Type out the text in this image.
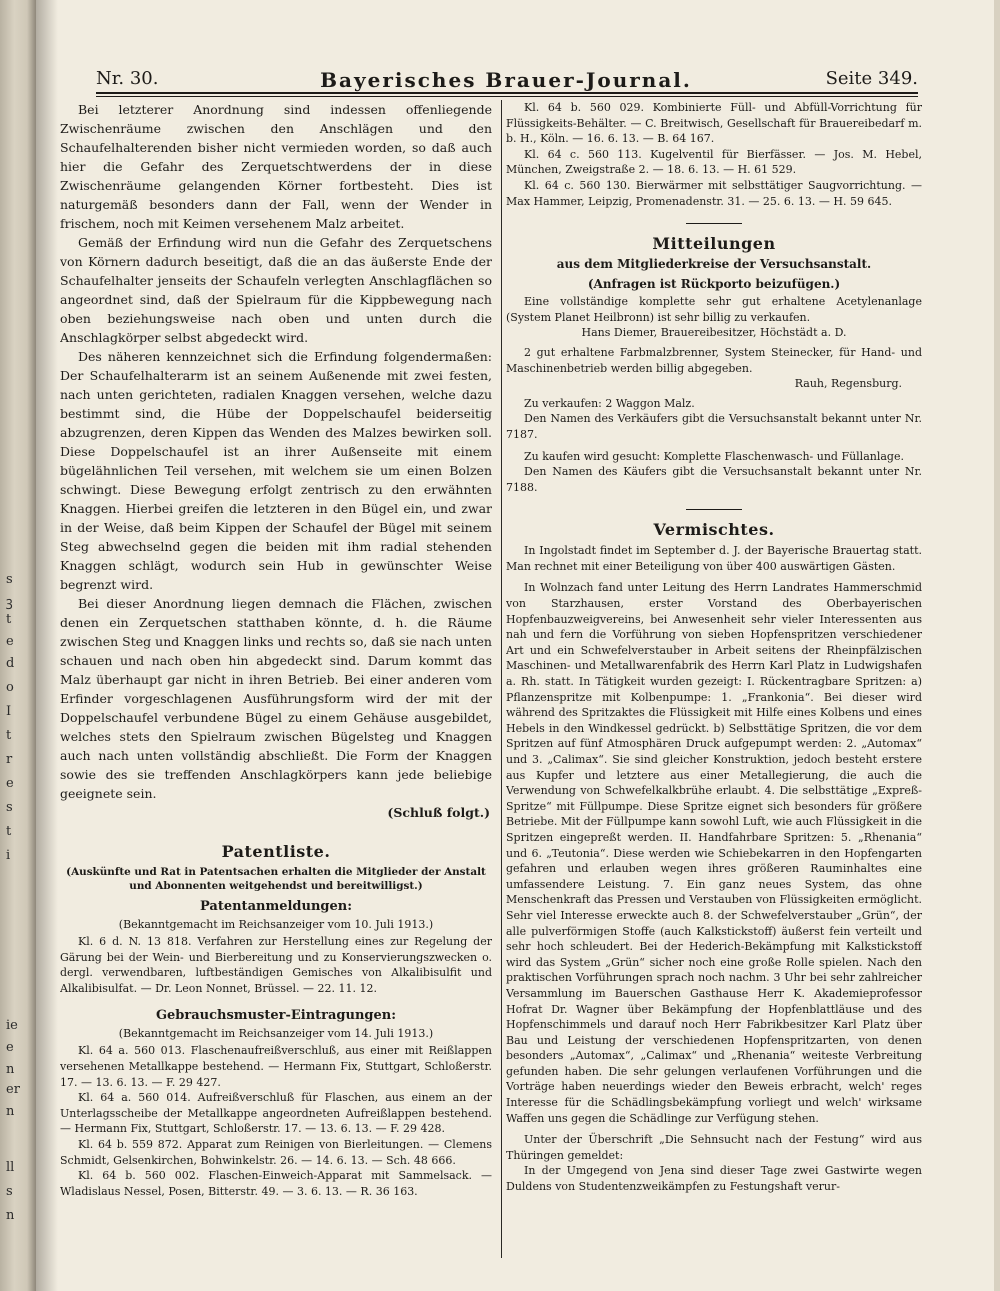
s
ꝫ
t
e
d
o
I
t
r
e
s
t
i
ie
e
n
er
n
ll
s
n
Nr. 30.	Bayerisches Brauer-Journal.	Seite 349.

Bei letzterer Anordnung sind indessen offenliegende Zwischenräume zwischen den Anschlägen und den Schaufelhalterenden bisher nicht vermieden worden, so daß auch hier die Gefahr des Zerquetschtwerdens der in diese Zwischenräume gelangenden Körner fortbesteht. Dies ist naturgemäß besonders dann der Fall, wenn der Wender in frischem, noch mit Keimen versehenem Malz arbeitet.

Gemäß der Erfindung wird nun die Gefahr des Zerquetschens von Körnern dadurch beseitigt, daß die an das äußerste Ende der Schaufelhalter jenseits der Schaufeln verlegten Anschlagflächen so angeordnet sind, daß der Spielraum für die Kippbewegung nach oben beziehungsweise nach oben und unten durch die Anschlagkörper selbst abgedeckt wird.

Des näheren kennzeichnet sich die Erfindung folgendermaßen: Der Schaufelhalterarm ist an seinem Außenende mit zwei festen, nach unten gerichteten, radialen Knaggen versehen, welche dazu bestimmt sind, die Hübe der Doppelschaufel beiderseitig abzugrenzen, deren Kippen das Wenden des Malzes bewirken soll. Diese Doppelschaufel ist an ihrer Außenseite mit einem bügelähnlichen Teil versehen, mit welchem sie um einen Bolzen schwingt. Diese Bewegung erfolgt zentrisch zu den erwähnten Knaggen. Hierbei greifen die letzteren in den Bügel ein, und zwar in der Weise, daß beim Kippen der Schaufel der Bügel mit seinem Steg abwechselnd gegen die beiden mit ihm radial stehenden Knaggen schlägt, wodurch sein Hub in gewünschter Weise begrenzt wird.

Bei dieser Anordnung liegen demnach die Flächen, zwischen denen ein Zerquetschen statthaben könnte, d. h. die Räume zwischen Steg und Knaggen links und rechts so, daß sie nach unten schauen und nach oben hin abgedeckt sind. Darum kommt das Malz überhaupt gar nicht in ihren Betrieb. Bei einer anderen vom Erfinder vorgeschlagenen Ausführungsform wird der mit der Doppelschaufel verbundene Bügel zu einem Gehäuse ausgebildet, welches stets den Spielraum zwischen Bügelsteg und Knaggen auch nach unten vollständig abschließt. Die Form der Knaggen sowie des sie treffenden Anschlagkörpers kann jede beliebige geeignete sein.

(Schluß folgt.)

Patentliste.
(Auskünfte und Rat in Patentsachen erhalten die Mitglieder der Anstalt und Abonnenten weitgehendst und bereitwilligst.)
Patentanmeldungen:
(Bekanntgemacht im Reichsanzeiger vom 10. Juli 1913.)

Kl. 6 d. N. 13 818. Verfahren zur Herstellung eines zur Regelung der Gärung bei der Wein- und Bierbereitung und zu Konservierungszwecken o. dergl. verwendbaren, luftbeständigen Gemisches von Alkalibisulfit und Alkalibisulfat. — Dr. Leon Nonnet, Brüssel. — 22. 11. 12.

Gebrauchsmuster-Eintragungen:
(Bekanntgemacht im Reichsanzeiger vom 14. Juli 1913.)

Kl. 64 a. 560 013. Flaschenaufreißverschluß, aus einer mit Reißlappen versehenen Metallkappe bestehend. — Hermann Fix, Stuttgart, Schloßerstr. 17. — 13. 6. 13. — F. 29 427.

Kl. 64 a. 560 014. Aufreißverschluß für Flaschen, aus einem an der Unterlagsscheibe der Metallkappe angeordneten Aufreißlappen bestehend. — Hermann Fix, Stuttgart, Schloßerstr. 17. — 13. 6. 13. — F. 29 428.

Kl. 64 b. 559 872. Apparat zum Reinigen von Bierleitungen. — Clemens Schmidt, Gelsenkirchen, Bohwinkelstr. 26. — 14. 6. 13. — Sch. 48 666.

Kl. 64 b. 560 002. Flaschen-Einweich-Apparat mit Sammelsack. — Wladislaus Nessel, Posen, Bitterstr. 49. — 3. 6. 13. — R. 36 163.

Kl. 64 b. 560 029. Kombinierte Füll- und Abfüll-Vorrichtung für Flüssigkeits-Behälter. — C. Breitwisch, Gesellschaft für Brauereibedarf m. b. H., Köln. — 16. 6. 13. — B. 64 167.

Kl. 64 c. 560 113. Kugelventil für Bierfässer. — Jos. M. Hebel, München, Zweigstraße 2. — 18. 6. 13. — H. 61 529.

Kl. 64 c. 560 130. Bierwärmer mit selbsttätiger Saugvorrichtung. — Max Hammer, Leipzig, Promenadenstr. 31. — 25. 6. 13. — H. 59 645.

Mitteilungen
aus dem Mitgliederkreise der Versuchsanstalt.
(Anfragen ist Rückporto beizufügen.)

Eine vollständige komplette sehr gut erhaltene Acetylenanlage (System Planet Heilbronn) ist sehr billig zu verkaufen.

Hans Diemer, Brauereibesitzer, Höchstädt a. D.

2 gut erhaltene Farbmalzbrenner, System Steinecker, für Hand- und Maschinenbetrieb werden billig abgegeben.

Rauh, Regensburg.

Zu verkaufen: 2 Waggon Malz.

Den Namen des Verkäufers gibt die Versuchsanstalt bekannt unter Nr. 7187.

Zu kaufen wird gesucht: Komplette Flaschenwasch- und Füllanlage.

Den Namen des Käufers gibt die Versuchsanstalt bekannt unter Nr. 7188.

Vermischtes.

In Ingolstadt findet im September d. J. der Bayerische Brauertag statt. Man rechnet mit einer Beteiligung von über 400 auswärtigen Gästen.

In Wolnzach fand unter Leitung des Herrn Landrates Hammerschmid von Starzhausen, erster Vorstand des Oberbayerischen Hopfenbauzweigvereins, bei Anwesenheit sehr vieler Interessenten aus nah und fern die Vorführung von sieben Hopfenspritzen verschiedener Art und ein Schwefelverstauber in Arbeit seitens der Rheinpfälzischen Maschinen- und Metallwarenfabrik des Herrn Karl Platz in Ludwigshafen a. Rh. statt. In Tätigkeit wurden gezeigt: I. Rückentragbare Spritzen: a) Pflanzenspritze mit Kolbenpumpe: 1. „Frankonia“. Bei dieser wird während des Spritzaktes die Flüssigkeit mit Hilfe eines Kolbens und eines Hebels in den Windkessel gedrückt. b) Selbsttätige Spritzen, die vor dem Spritzen auf fünf Atmosphären Druck aufgepumpt werden: 2. „Automax“ und 3. „Calimax“. Sie sind gleicher Konstruktion, jedoch besteht erstere aus Kupfer und letztere aus einer Metallegierung, die auch die Verwendung von Schwefelkalkbrühe erlaubt. 4. Die selbsttätige „Expreß-Spritze“ mit Füllpumpe. Diese Spritze eignet sich besonders für größere Betriebe. Mit der Füllpumpe kann sowohl Luft, wie auch Flüssigkeit in die Spritzen eingepreßt werden. II. Handfahrbare Spritzen: 5. „Rhenania“ und 6. „Teutonia“. Diese werden wie Schiebekarren in den Hopfengarten gefahren und erlauben wegen ihres größeren Rauminhaltes eine umfassendere Leistung. 7. Ein ganz neues System, das ohne Menschenkraft das Pressen und Verstauben von Flüssigkeiten ermöglicht. Sehr viel Interesse erweckte auch 8. der Schwefelverstauber „Grün“, der alle pulverförmigen Stoffe (auch Kalkstickstoff) äußerst fein verteilt und sehr hoch schleudert. Bei der Hederich-Bekämpfung mit Kalkstickstoff wird das System „Grün“ sicher noch eine große Rolle spielen. Nach den praktischen Vorführungen sprach noch nachm. 3 Uhr bei sehr zahlreicher Versammlung im Bauerschen Gasthause Herr K. Akademieprofessor Hofrat Dr. Wagner über Bekämpfung der Hopfenblattläuse und des Hopfenschimmels und darauf noch Herr Fabrikbesitzer Karl Platz über Bau und Leistung der verschiedenen Hopfenspritzarten, von denen besonders „Automax“, „Calimax“ und „Rhenania“ weiteste Verbreitung gefunden haben. Die sehr gelungen verlaufenen Vorführungen und die Vorträge haben neuerdings wieder den Beweis erbracht, welch' reges Interesse für die Schädlingsbekämpfung vorliegt und welch' wirksame Waffen uns gegen die Schädlinge zur Verfügung stehen.

Unter der Überschrift „Die Sehnsucht nach der Festung“ wird aus Thüringen gemeldet:

In der Umgegend von Jena sind dieser Tage zwei Gastwirte wegen Duldens von Studentenzweikämpfen zu Festungshaft verur-
